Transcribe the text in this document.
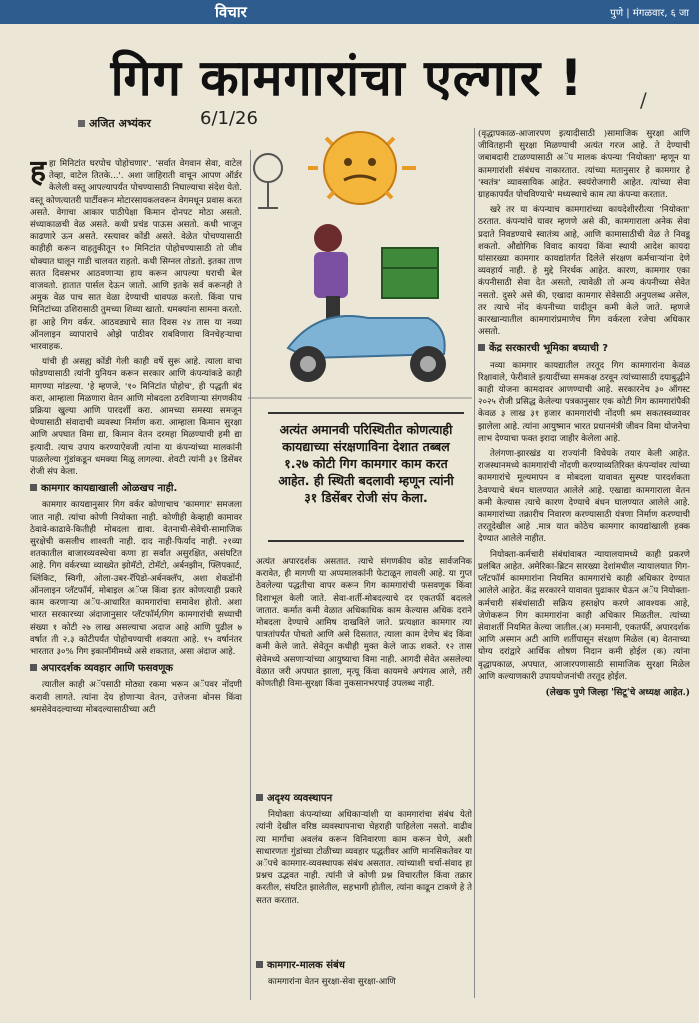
विचार	पुणे | मंगळवार, ६ जा
गिग कामगारांचा एल्गार !	/
अजित अभ्यंकर	6/1/26

हहा मिनिटांत घरपोच पोहोचणार'. 'सर्वात वेगवान सेवा, वाटेल तेव्हा, वाटेल तितके...'. अशा जाहिराती वाचून आपण ऑर्डर केलेली वस्तू आपल्यापर्यंत पोचण्यासाठी निघाल्याचा संदेश येतो. वस्तू कोणत्यातरी पार्टीवरून मोटारसायकलवरून वेगमधून प्रवास करत असते. वेगाचा आकार पाठीपेक्षा किमान दोनपट मोठा असतो. संध्याकाळची वेळ असते. कधी प्रचंड पाऊस असतो. कधी भाजून काढणारे ऊन असते. रस्त्यावर कोंडी असते. वेळेत पोचण्यासाठी काहीही करून वाहतुकीतून १० मिनिटांत पोहोचण्यासाठी तो जीव धोक्यात घालून गाडी चालवत राहतो. कधी सिग्नल तोडतो. इतका ताण सतत दिवसभर आठवणाऱ्या हाय करून आपल्या घराची बेल वाजवतो. हातात पार्सल देऊन जातो. आणि इतके सर्व करूनही ते अमुक वेळ पाच सात वेळा देण्याची धावपळ करतो. किंवा पाच मिनिटांच्या उशिरासाठी तुमच्या शिव्या खातो. धमक्यांना सामना करतो. हा आहे गिग वर्कर. आठवड्याचे सात दिवस २४ तास या नव्या ऑनलाइन व्यापाराचे ओझे पाठीवर राबविणारा विनचेहऱ्याचा भारवाहक.

यांची ही असह्य कोंडी गेली काही वर्षे सुरू आहे. त्याला वाचा फोडण्यासाठी त्यांनी युनियन करून सरकार आणि कंपन्यांकडे काही मागण्या मांडल्या. 'हे म्हणजे, '१० मिनिटांत पोहोच', ही पद्धती बंद करा, आम्हाला मिळणारा वेतन आणि मोबदला ठरविणाऱ्या संगणकीय प्रक्रिया खुल्या आणि पारदर्शी करा. आमच्या समस्या समजून घेण्यासाठी संवादाची व्यवस्था निर्माण करा. आम्हाला किमान सुरक्षा आणि अपघात विमा द्या, किमान वेतन दरमहा मिळण्याची हमी द्या इत्यादी. त्याच उपाय करण्याऐवजी त्यांना या कंपन्यांच्या मालकांनी पाळलेल्या गुंडांकडून धमक्या मिळू लागल्या. शेवटी त्यांनी ३१ डिसेंबर रोजी संप केला.

कामगार कायद्याखाली ओळखच नाही.

कामगार कायद्यानुसार गिग वर्कर कोणाचाच 'कामगार' समजला जात नाही. त्यांचा कोणी नियोक्ता नाही. कोणीही केव्हाही कामावर ठेवावे-काढावे-कितीही मोबदला द्यावा. वेतनाची-सेवेची-सामाजिक सुरक्षेची कसलीच शाश्वती नाही. दाद नाही-फिर्याद नाही. २१व्या शतकातील बाजारव्यवस्थेचा कणा हा सर्वांत असुरक्षित, असंघटित आहे. गिग वर्करच्या व्याख्येत झोमॅटो, टोमॅटो, अर्बनझीन, फ्लिपकार्ट, ब्लिंकिट, स्विगी, ओला-उबर-रॅपिडो-अर्बनक्लॅप, अशा शेकडोंनी ऑनलाइन प्लॅटफॉर्म, मोबाइल अॅप्स किंवा इतर कोणत्याही प्रकारे काम करणाऱ्या अॅप-आधारित कामगारांचा समावेश होतो. अशा भारत सरकारच्या अंदाजानुसार प्लॅटफॉर्म/गिग कामगारांची सध्याची संख्या १ कोटी २७ लाख असल्याचा अदाज आहे आणि पुढील ७ वर्षात ती २.३ कोटीपर्यंत पोहोचण्याची शक्यता आहे. १५ वर्षानंतर भारतात ३०% गिग इकानॉमीमध्ये असे शकतात, असा अंदाज आहे.

अपारदर्शक व्यवहार आणि फसवणूक

त्यातील काही अॅपसाठी मोठ्या रकमा भरून अॅपवर नोंदणी करावी लागते. त्यांना देय होणाऱ्या वेतन, उत्तेजना बोनस किंवा श्रमसेवेवदल्याच्या मोबदल्यासाठीच्या अटी

अत्यंत अमानवी परिस्थितीत कोणत्याही कायद्याच्या संरक्षणाविना देशात तब्बल १.२७ कोटी गिग कामगार काम करत आहेत. ही स्थिती बदलावी म्हणून त्यांनी ३१ डिसेंबर रोजी संप केला.

अत्यंत अपारदर्शक असतात. त्याचे संगणकीय कोड सार्वजनिक करावेत, ही मागणी या अप्पमालकांनी फेटाळून लावली आहे. या गुप्त ठेवलेल्या पद्धतीचा वापर करून गिग कामगारांची फसवणूक किंवा दिशाभूल केली जाते. सेवा-शर्ती-मोबदल्याचे दर एकतर्फी बदलले जातात. कर्मात कमी वेळात अधिकाधिक काम केल्यास अधिक दराने मोबदला देण्याचे आमिष दाखविले जाते. प्रत्यक्षात कामगार त्या पात्रतांपर्यंत पोचतो आणि असे दिसतात, त्याला काम देणेच बंद किंवा कमी केले जाते. सेवेतून कधीही मुक्त केले जाऊ शकते. १२ तास सेवेमध्ये असणाऱ्यांच्या आयुष्याचा विमा नाही. आगदी सेवेत असलेल्या वेळात जरी अपघात झाला, मृत्यू किंवा कायमचे अपंगत्व आले, तरी कोणतीही विमा-सुरक्षा किंवा नुकसानभरपाई उपलब्ध नाही.

अदृश्य व्यवस्थापन

नियोक्ता कंपन्यांच्या अधिकाऱ्यांशी या कामगारांचा संबंध येतो त्यांनी देखील वरिष्ठ व्यवस्थापनाचा चेहराही पाहिलेला नसतो. वाढीव त्या मार्गांचा अवलंब करून विनिवारणा काम करून घेणे, अशी साधारणतः गुंडांच्या टोळीच्या व्यवहार पद्धतीवर आणि मानसिकतेवर या अॅपचे कामगार-व्यवस्थापक संबंध असतात. त्यांच्याशी चर्चा-संवाद हा प्रश्नच उद्भवत नाही. त्यांनी जे कोणी प्रश्न विचारतील किंवा तक्रार करतील, संघटित झालेतील, सहभागी होतील, त्यांना काढून टाकणे हे ते सतत करतात.

कामगार-मालक संबंध

कामगारांना वेतन सुरक्षा-सेवा सुरक्षा-आणि

(वृद्धापकाळ-आजारपण इत्यादीसाठी )सामाजिक सुरक्षा आणि जीवितहानी सुरक्षा मिळण्याची अत्यंत गरज आहे. ते देण्याची जबाबदारी टाळण्यासाठी अॅप मालक कंपन्या 'नियोक्ता' म्हणून या कामगारांशी संबंधच नाकारतात. त्यांच्या मतानुसार हे कामगार हे 'स्वतंत्र' व्यावसायिक आहेत. स्वयंरोजगारी आहेत. त्यांच्या सेवा ग्राहकापर्यंत पोचविण्याचे' मध्यस्थाचे काम त्या कंपन्या करतात.

खरे तर या कंपन्याच कामगारांच्या कायदेशीररीत्या 'नियोक्ता' ठरतात. कंपन्यांचे यावर म्हणणे असे की, कामगाराला अनेक सेवा प्रदाते निवडण्याचे स्वातंत्र्य आहे, आणि कामासाठीची वेळ ते निवडू शकतो. औद्योगिक विवाद कायदा किंवा स्थायी आदेश कायदा यांसारख्या कामगार कायद्यांतर्गत दिलेले संरक्षण कर्मचाऱ्यांना देणे व्यवहार्य नाही. हे मुद्दे निरर्थक आहेत. कारण, कामगार एका कंपनीसाठी सेवा देत असतो, त्यावेळी तो अन्य कंपनीच्या सेवेत नसतो. दुसरे असे की, एखादा कामगार सेवेसाठी अनुपलब्ध असेल, तर त्याचे नोंद कंपनीच्या यादीतून कमी केले जाते. म्हणजे कारखान्यातील कामगारांप्रमाणेच गिग वर्करला रजेचा अधिकार असतो.

केंद्र सरकारची भूमिका बघ्याची ?

नव्या कामगार कायद्यातील तरतूद गिग कामगारांना केवळ रिक्षावाले, फेरीवाले इत्यादींच्या समकक्ष ठरवून त्यांच्यासाठी दयाबुद्धीने काही योजना कामदावर आणण्याची आहे. सरकारनेच ३० ऑगस्ट २०२५ रोजी प्रसिद्ध केलेल्या पत्रकानुसार एक कोटी गिग कामगारांपैकी केवळ ३ लाख ३१ हजार कामगारांची नोंदणी श्रम सकतस्वव्यावर झालेला आहे. त्यांना आयुष्मान भारत प्रधानमंत्री जीवन विमा योजनेचा लाभ देण्याचा फक्त इरादा जाहीर केलेला आहे.

तेलंगणा-झारखंड या राज्यांनी विधेयके तयार केली आहेत. राजस्थानमध्ये कामगारांची नोंदणी करण्याव्यतिरिक्त कंपन्यांवर त्यांच्या कामगारांचे मूल्यमापन व मोबदला यावावत सुस्पष्ट पारदर्शकता ठेवण्याचे बंधन घालण्यात आलेले आहे. एखाद्या कामगाराला वेतन कमी केल्यास त्याचे कारण देण्याचे बंधन घालण्यात आलेले आहे. कामगारांच्या तक्रारीच निवारण करण्यासाठी यंत्रणा निर्माण करण्याची तरतूदेखील आहे .मात्र यात कोठेच कामगार कायद्यांखाली हक्क देण्यात आलेले नाहीत.

नियोक्ता-कर्मचारी संबंधांवाबत न्यायालयामध्ये काही प्रकरणे प्रलंबित आहेत. अमेरिका-ब्रिटन सारख्या देशांमधील न्यायालयात गिग-प्लॅटफॉर्म कामगारांना नियमित कामगारांचे काही अधिकार देण्यात आलेले आहेत. केंद्र सरकारने यावावत पुढाकार घेऊन अॅप नियोक्ता-कर्मचारी संबंधांसाठी सक्रिय हस्तक्षेप करणे आवश्यक आहे, जेणेकरून गिग कामगारांना काही अधिकार मिळतील. त्यांच्या सेवाशर्ती नियमित केल्या जातील.(अ) मनमानी, एकतर्फी, अपारदर्शक आणि अस्मान अटी आणि शर्तीपासून संरक्षण मिळेल (ब) वेतनाच्या योग्य दरांद्वारे आर्थिक शोषण निदान कमी होईल (क) त्यांना वृद्धापकाळ, अपघात, आजारपणासाठी सामाजिक सुरक्षा मिळेल आणि कल्याणकारी उपाययोजनांची तरतूद होईल.

(लेखक पुणे जिल्हा 'सिटू'चे अध्यक्ष आहेत.)
